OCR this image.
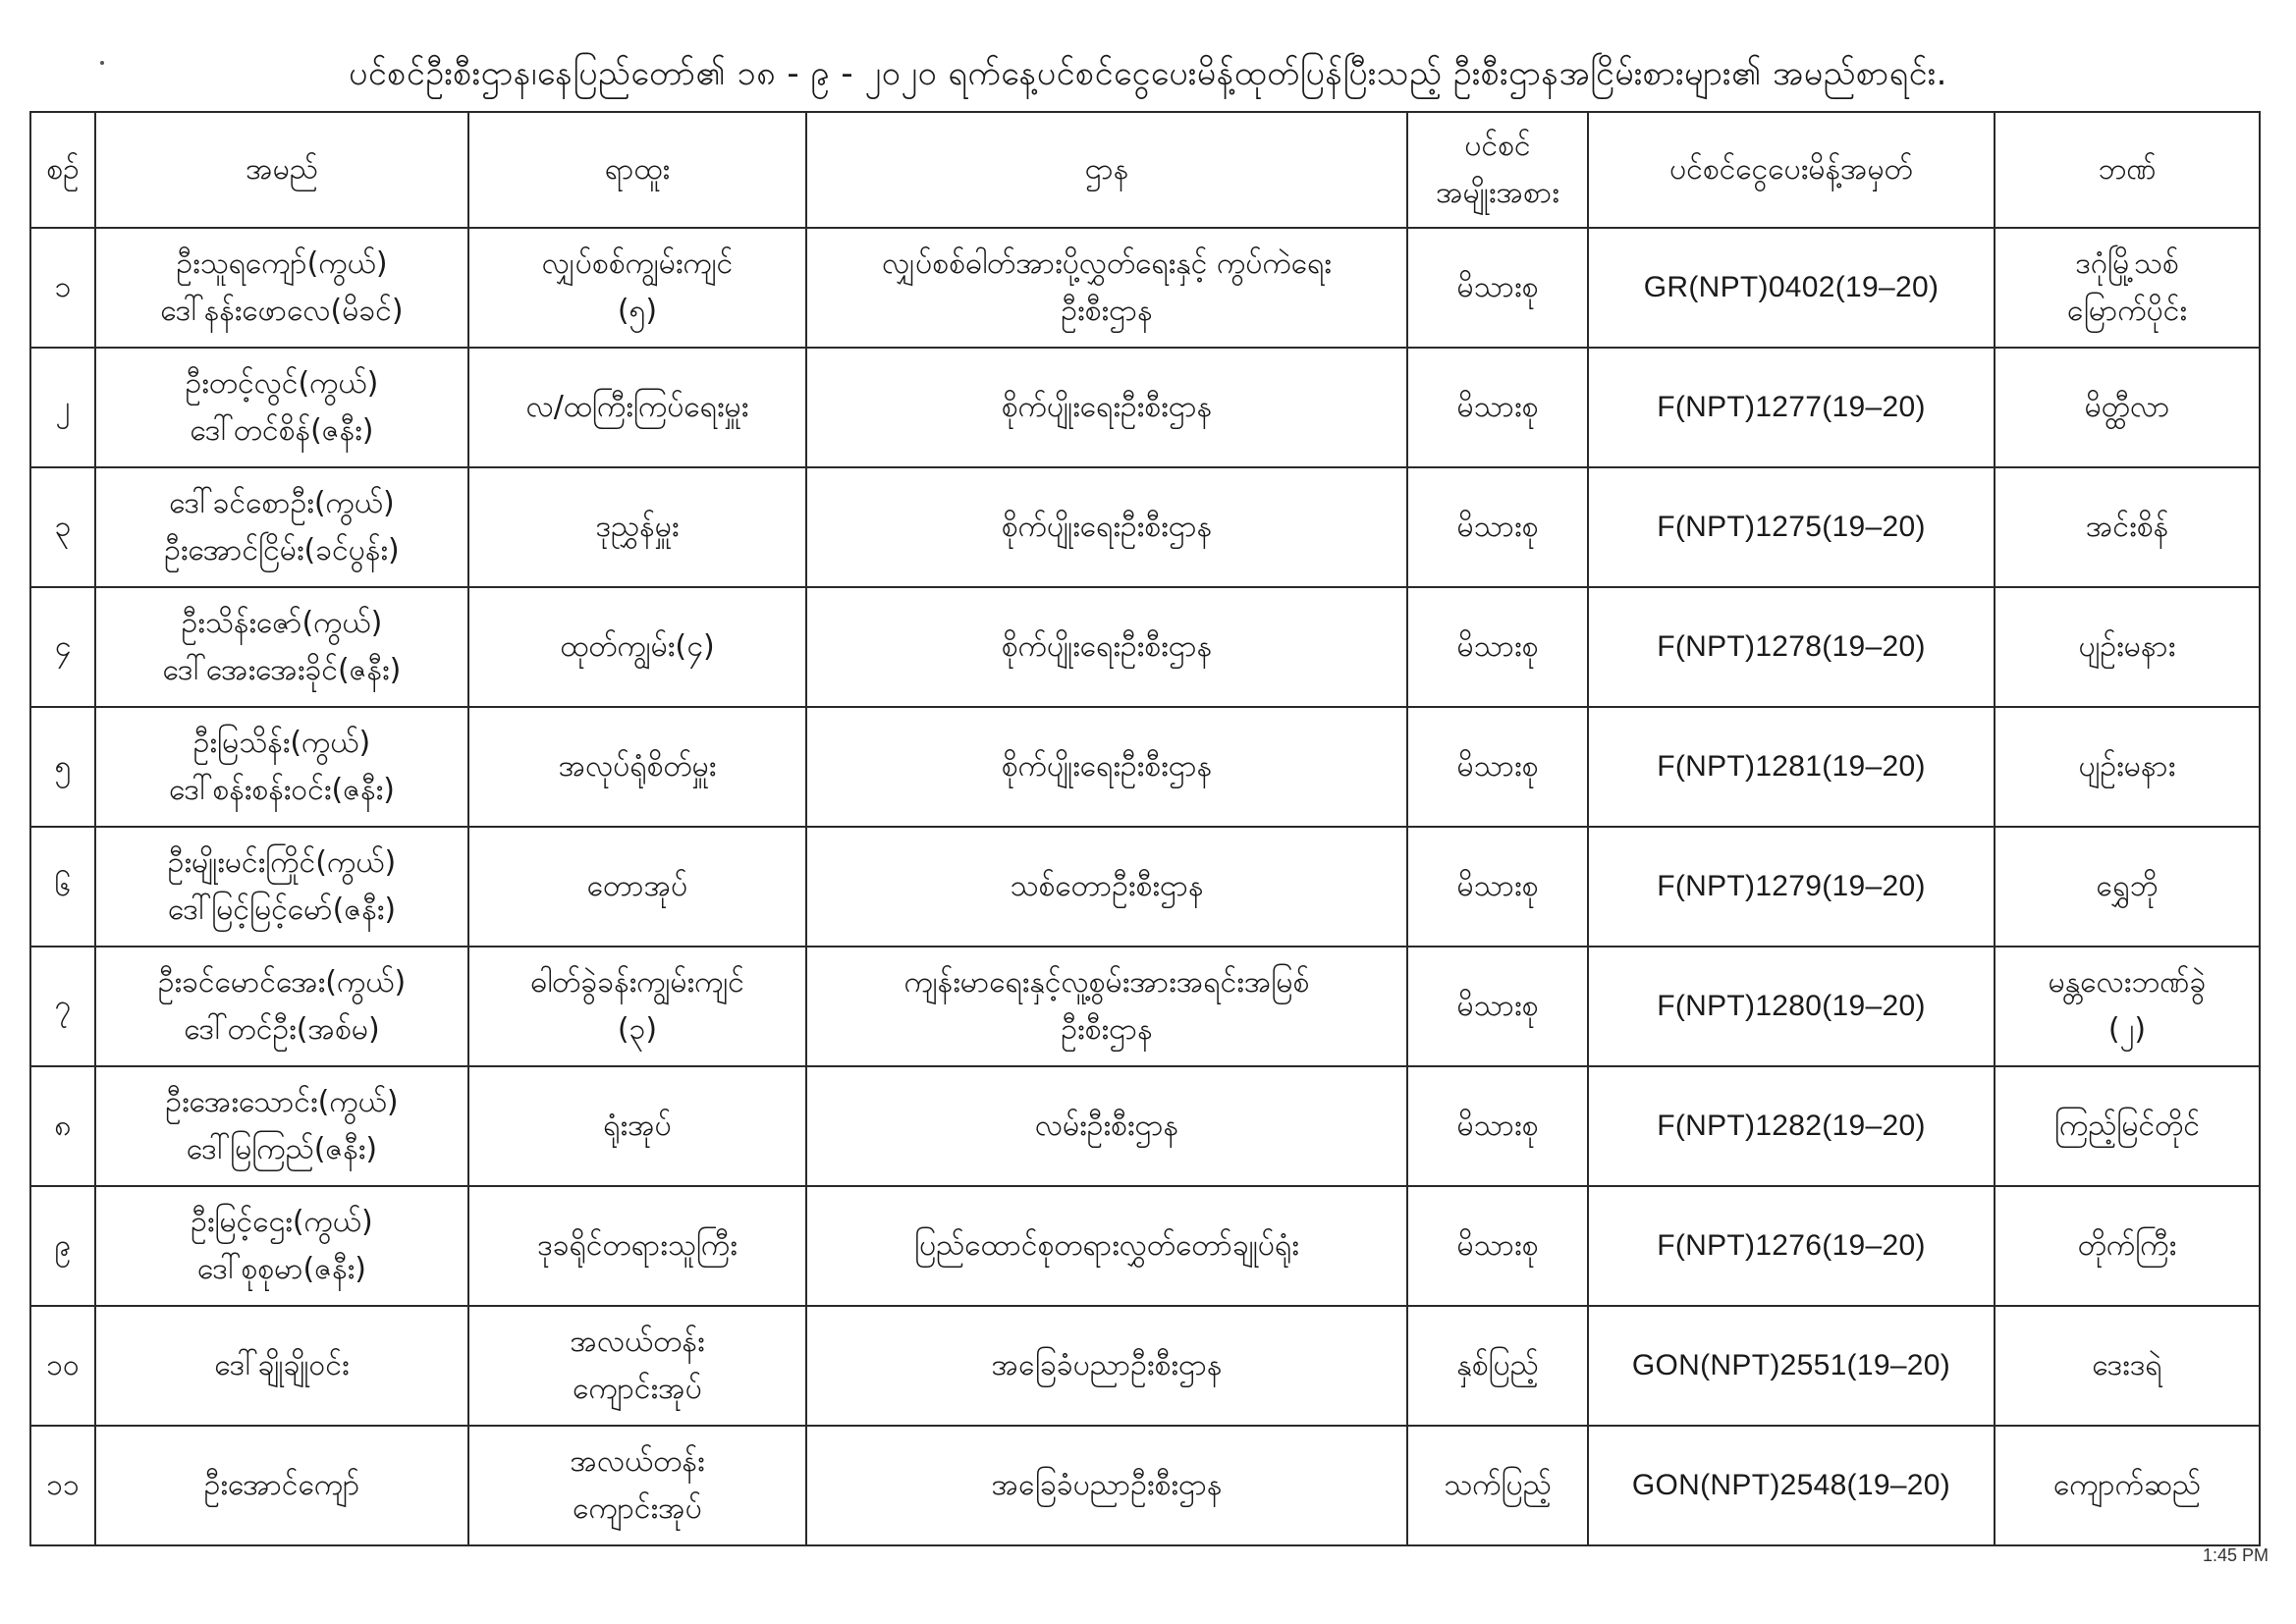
ပင်စင်ဦးစီးဌာန၊နေပြည်တော်၏ ၁၈ - ၉ - ၂၀၂၀ ရက်နေ့ပင်စင်ငွေပေးမိန့်ထုတ်ပြန်ပြီးသည့် ဦးစီးဌာနအငြိမ်းစားများ၏ အမည်စာရင်း.
စဉ်	အမည်	ရာထူး	ဌာန	ပင်စင်
အမျိုးအစား	ပင်စင်ငွေပေးမိန့်အမှတ်	ဘဏ်

၁	ဦးသူရကျော်(ကွယ်)
ဒေါ်နန်းဖောလေ(မိခင်)	လျှပ်စစ်ကျွမ်းကျင်
(၅)	လျှပ်စစ်ဓါတ်အားပို့လွှတ်ရေးနှင့် ကွပ်ကဲရေး
ဦးစီးဌာန	မိသားစု	GR(NPT)0402(19–20)	ဒဂုံမြို့သစ်
မြောက်ပိုင်း

၂	ဦးတင့်လွင်(ကွယ်)
ဒေါ်တင်စိန်(ဇနီး)	လ/ထကြီးကြပ်ရေးမှူး	စိုက်ပျိုးရေးဦးစီးဌာန	မိသားစု	F(NPT)1277(19–20)	မိတ္ထီလာ

၃	ဒေါ်ခင်စောဦး(ကွယ်)
ဦးအောင်ငြိမ်း(ခင်ပွန်း)	ဒုညွှန်မှူး	စိုက်ပျိုးရေးဦးစီးဌာန	မိသားစု	F(NPT)1275(19–20)	အင်းစိန်

၄	ဦးသိန်းဇော်(ကွယ်)
ဒေါ်အေးအေးခိုင်(ဇနီး)	ထုတ်ကျွမ်း(၄)	စိုက်ပျိုးရေးဦးစီးဌာန	မိသားစု	F(NPT)1278(19–20)	ပျဉ်းမနား

၅	ဦးမြသိန်း(ကွယ်)
ဒေါ်စန်းစန်းဝင်း(ဇနီး)	အလုပ်ရုံစိတ်မှူး	စိုက်ပျိုးရေးဦးစီးဌာန	မိသားစု	F(NPT)1281(19–20)	ပျဉ်းမနား

၆	ဦးမျိုးမင်းကြိုင်(ကွယ်)
ဒေါ်မြင့်မြင့်မော်(ဇနီး)	တောအုပ်	သစ်တောဦးစီးဌာန	မိသားစု	F(NPT)1279(19–20)	ရွှေဘို

၇	ဦးခင်မောင်အေး(ကွယ်)
ဒေါ်တင်ဦး(အစ်မ)	ဓါတ်ခွဲခန်းကျွမ်းကျင်
(၃)	ကျန်းမာရေးနှင့်လူ့စွမ်းအားအရင်းအမြစ်
ဦးစီးဌာန	မိသားစု	F(NPT)1280(19–20)	မန္တလေးဘဏ်ခွဲ
(၂)

၈	ဦးအေးသောင်း(ကွယ်)
ဒေါ်မြကြည်(ဇနီး)	ရုံးအုပ်	လမ်းဦးစီးဌာန	မိသားစု	F(NPT)1282(19–20)	ကြည့်မြင်တိုင်

၉	ဦးမြင့်ဌေး(ကွယ်)
ဒေါ်စုစုမာ(ဇနီး)	ဒုခရိုင်တရားသူကြီး	ပြည်ထောင်စုတရားလွှတ်တော်ချုပ်ရုံး	မိသားစု	F(NPT)1276(19–20)	တိုက်ကြီး

၁၀	ဒေါ်ချိုချိုဝင်း	အလယ်တန်း
ကျောင်းအုပ်	အခြေခံပညာဦးစီးဌာန	နှစ်ပြည့်	GON(NPT)2551(19–20)	ဒေးဒရဲ

၁၁	ဦးအောင်ကျော်	အလယ်တန်း
ကျောင်းအုပ်	အခြေခံပညာဦးစီးဌာန	သက်ပြည့်	GON(NPT)2548(19–20)	ကျောက်ဆည်
1:45 PM
